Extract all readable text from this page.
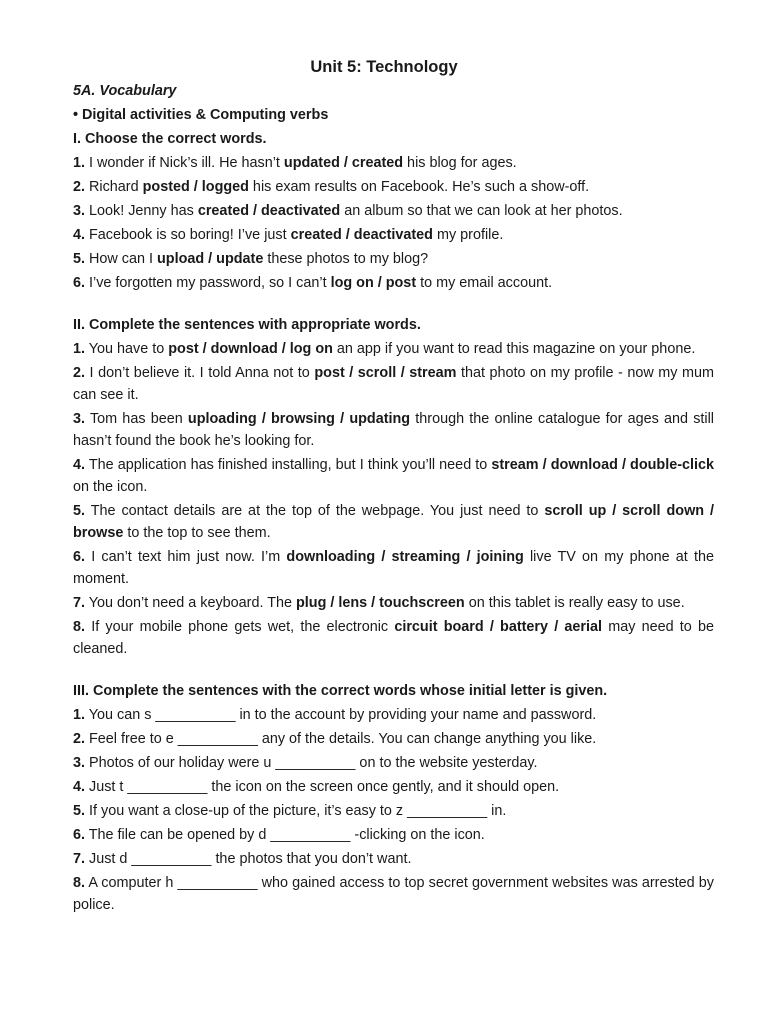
Unit 5: Technology

5A. Vocabulary

• Digital activities & Computing verbs

I. Choose the correct words.

1. I wonder if Nick’s ill. He hasn’t updated / created his blog for ages.

2. Richard posted / logged his exam results on Facebook. He’s such a show-off.

3. Look! Jenny has created / deactivated an album so that we can look at her photos.

4. Facebook is so boring! I’ve just created / deactivated my profile.

5. How can I upload / update these photos to my blog?

6. I’ve forgotten my password, so I can’t log on / post to my email account.

II. Complete the sentences with appropriate words.

1. You have to post / download / log on an app if you want to read this magazine on your phone.

2. I don’t believe it. I told Anna not to post / scroll / stream that photo on my profile - now my mum can see it.

3. Tom has been uploading / browsing / updating through the online catalogue for ages and still hasn’t found the book he’s looking for.

4. The application has finished installing, but I think you’ll need to stream / download / double-click on the icon.

5. The contact details are at the top of the webpage. You just need to scroll up / scroll down / browse to the top to see them.

6. I can’t text him just now. I’m downloading / streaming / joining live TV on my phone at the moment.

7. You don’t need a keyboard. The plug / lens / touchscreen on this tablet is really easy to use.

8. If your mobile phone gets wet, the electronic circuit board / battery / aerial may need to be cleaned.

III. Complete the sentences with the correct words whose initial letter is given.

1. You can s __________ in to the account by providing your name and password.

2. Feel free to e __________ any of the details. You can change anything you like.

3. Photos of our holiday were u __________ on to the website yesterday.

4. Just t __________ the icon on the screen once gently, and it should open.

5. If you want a close-up of the picture, it’s easy to z __________ in.

6. The file can be opened by d __________ -clicking on the icon.

7. Just d __________ the photos that you don’t want.

8. A computer h __________ who gained access to top secret government websites was arrested by police.
